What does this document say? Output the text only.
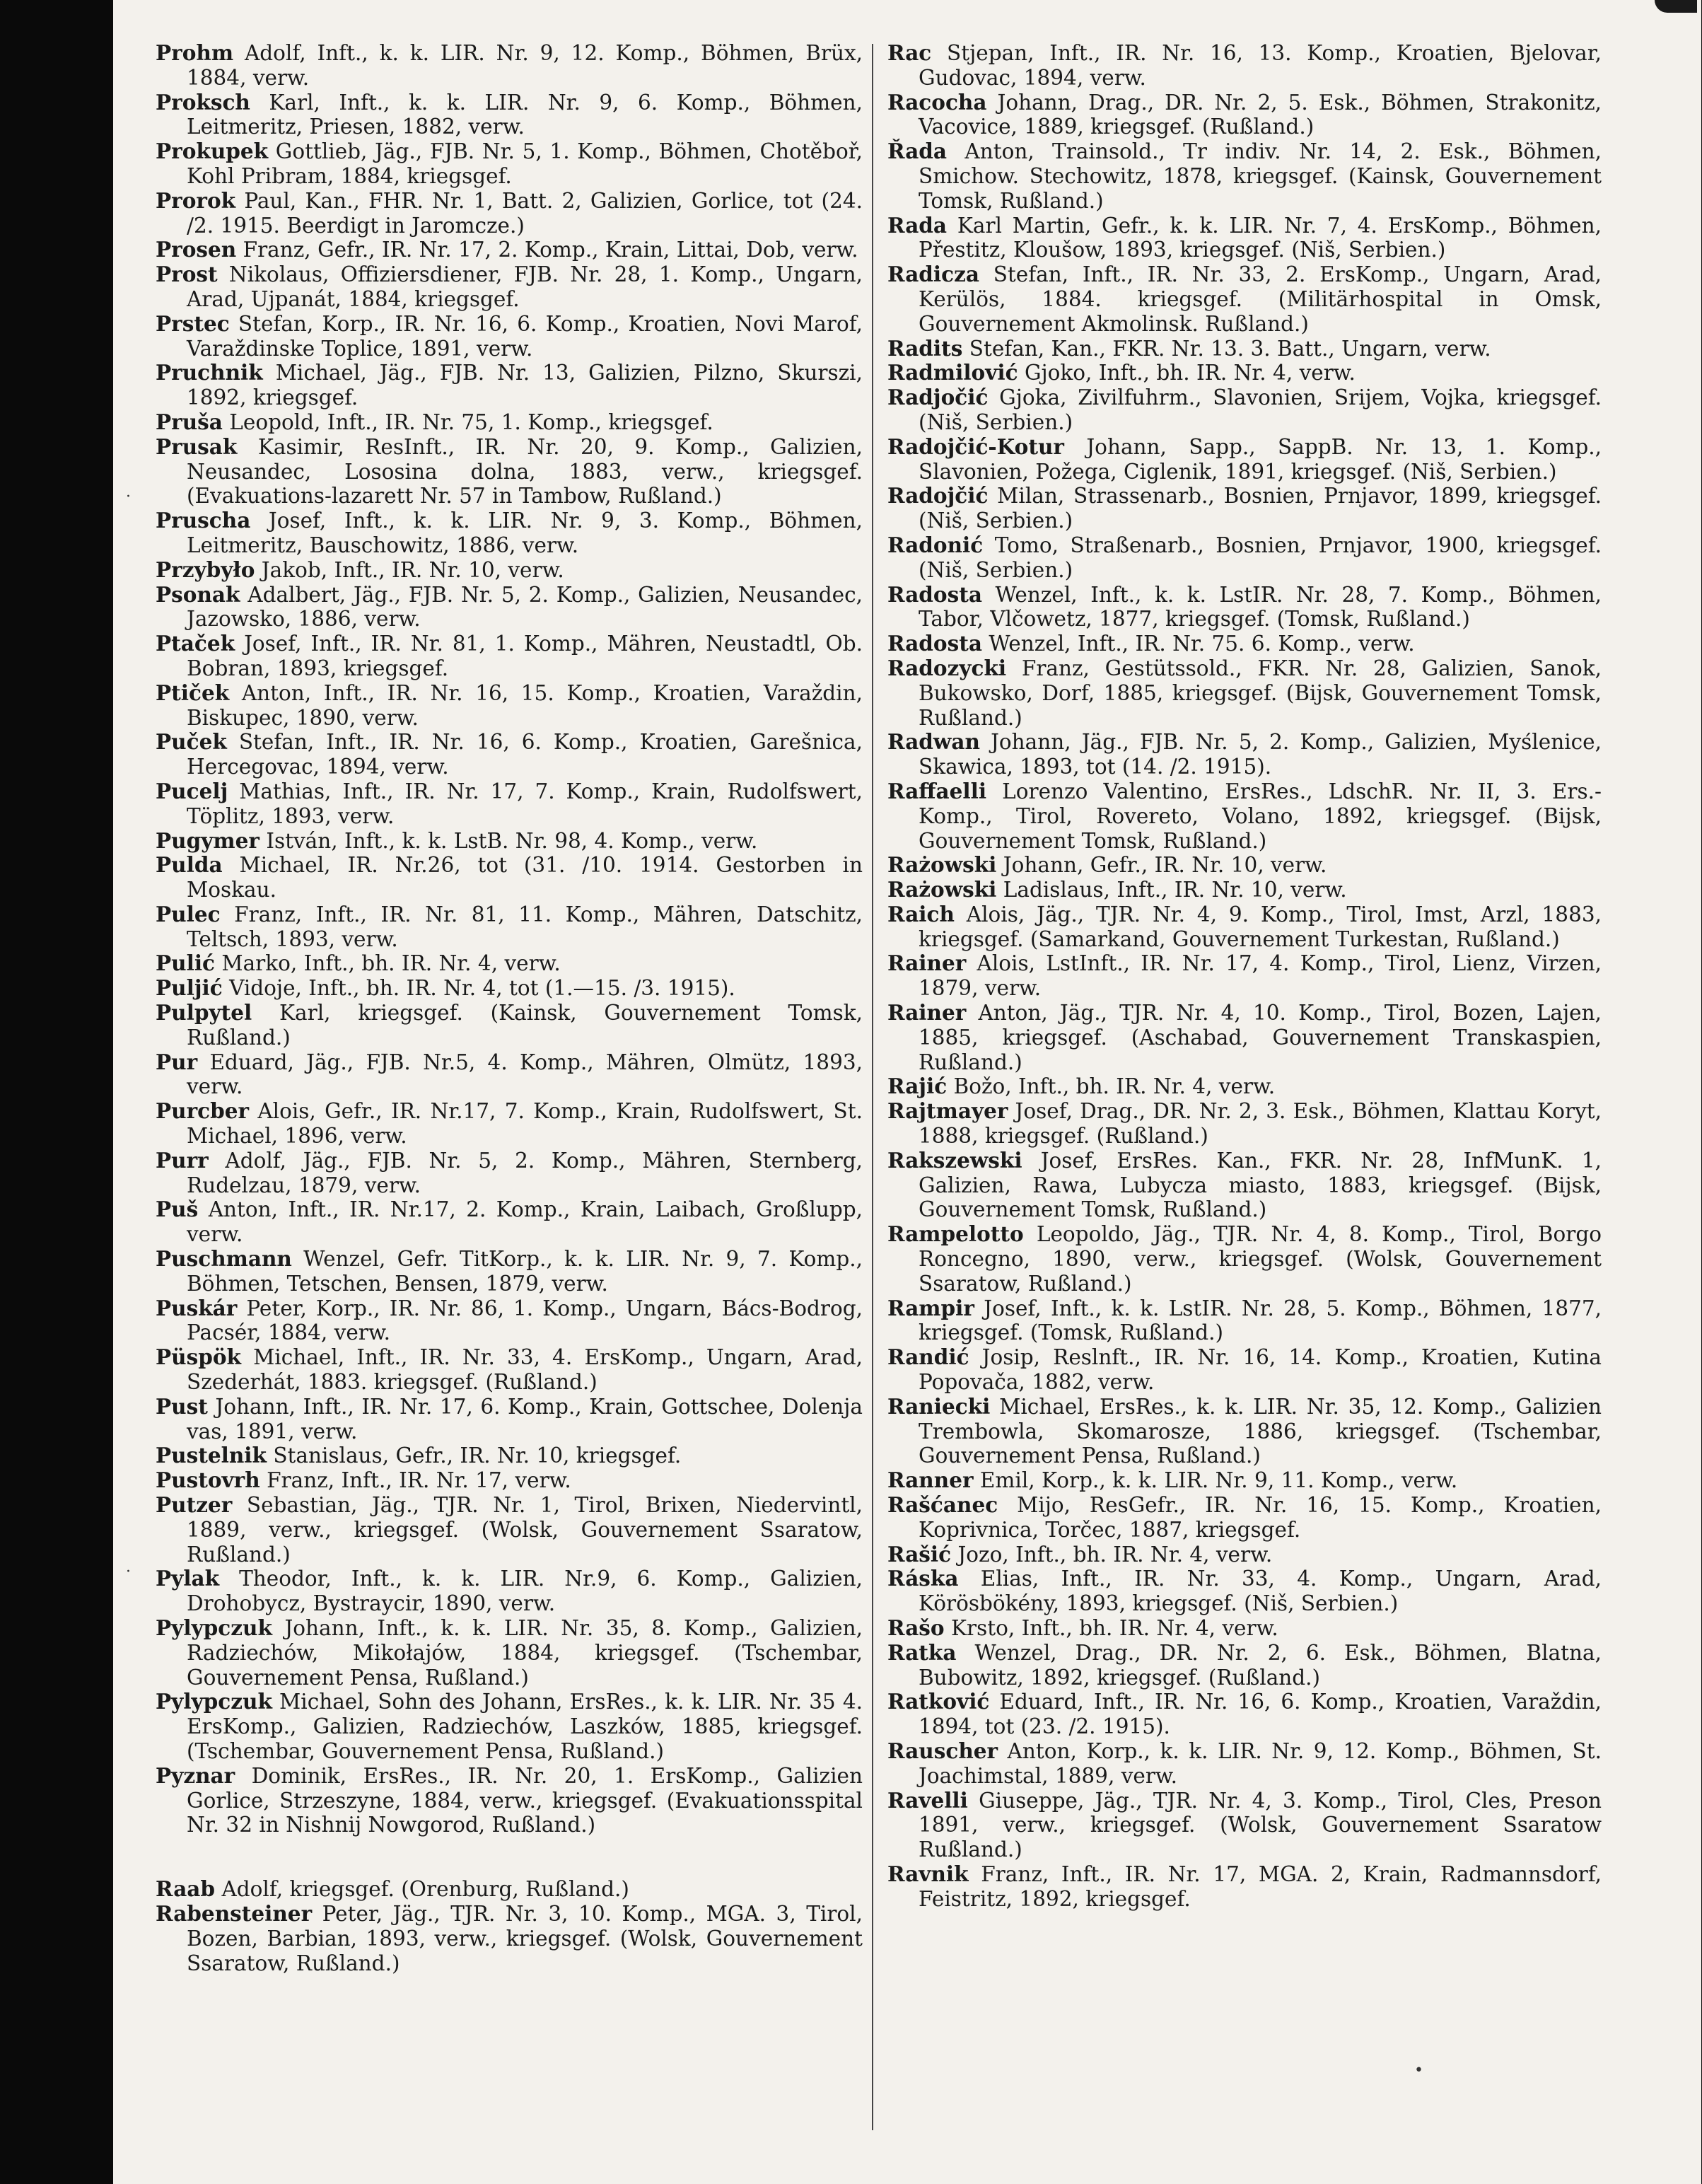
Prohm Adolf, Inft., k. k. LIR. Nr. 9, 12. Komp., Böhmen, Brüx, 1884, verw.
Proksch Karl, Inft., k. k. LIR. Nr. 9, 6. Komp., Böhmen, Leitmeritz, Priesen, 1882, verw.
Prokupek Gottlieb, Jäg., FJB. Nr. 5, 1. Komp., Böhmen, Chotěboř, Kohl Pribram, 1884, kriegsgef.
Prorok Paul, Kan., FHR. Nr. 1, Batt. 2, Galizien, Gorlice, tot (24. /2. 1915. Beerdigt in Jaromcze.)
Prosen Franz, Gefr., IR. Nr. 17, 2. Komp., Krain, Littai, Dob, verw.
Prost Nikolaus, Offiziersdiener, FJB. Nr. 28, 1. Komp., Ungarn, Arad, Ujpanát, 1884, kriegsgef.
Prstec Stefan, Korp., IR. Nr. 16, 6. Komp., Kroatien, Novi Marof, Varaždinske Toplice, 1891, verw.
Pruchnik Michael, Jäg., FJB. Nr. 13, Galizien, Pilzno, Skurszi, 1892, kriegsgef.
Pruša Leopold, Inft., IR. Nr. 75, 1. Komp., kriegsgef.
Prusak Kasimir, ResInft., IR. Nr. 20, 9. Komp., Galizien, Neusandec, Lososina dolna, 1883, verw., kriegsgef. (Evakuations-lazarett Nr. 57 in Tambow, Rußland.)
Pruscha Josef, Inft., k. k. LIR. Nr. 9, 3. Komp., Böhmen, Leitmeritz, Bauschowitz, 1886, verw.
Przybyło Jakob, Inft., IR. Nr. 10, verw.
Psonak Adalbert, Jäg., FJB. Nr. 5, 2. Komp., Galizien, Neusandec, Jazowsko, 1886, verw.
Ptaček Josef, Inft., IR. Nr. 81, 1. Komp., Mähren, Neustadtl, Ob. Bobran, 1893, kriegsgef.
Ptiček Anton, Inft., IR. Nr. 16, 15. Komp., Kroatien, Varaždin, Biskupec, 1890, verw.
Puček Stefan, Inft., IR. Nr. 16, 6. Komp., Kroatien, Garešnica, Hercegovac, 1894, verw.
Pucelj Mathias, Inft., IR. Nr. 17, 7. Komp., Krain, Rudolfswert, Töplitz, 1893, verw.
Pugymer István, Inft., k. k. LstB. Nr. 98, 4. Komp., verw.
Pulda Michael, IR. Nr.26, tot (31. /10. 1914. Gestorben in Moskau.
Pulec Franz, Inft., IR. Nr. 81, 11. Komp., Mähren, Datschitz, Teltsch, 1893, verw.
Pulić Marko, Inft., bh. IR. Nr. 4, verw.
Puljić Vidoje, Inft., bh. IR. Nr. 4, tot (1.—15. /3. 1915).
Pulpytel Karl, kriegsgef. (Kainsk, Gouvernement Tomsk, Rußland.)
Pur Eduard, Jäg., FJB. Nr.5, 4. Komp., Mähren, Olmütz, 1893, verw.
Purcber Alois, Gefr., IR. Nr.17, 7. Komp., Krain, Rudolfswert, St. Michael, 1896, verw.
Purr Adolf, Jäg., FJB. Nr. 5, 2. Komp., Mähren, Sternberg, Rudelzau, 1879, verw.
Puš Anton, Inft., IR. Nr.17, 2. Komp., Krain, Laibach, Großlupp, verw.
Puschmann Wenzel, Gefr. TitKorp., k. k. LIR. Nr. 9, 7. Komp., Böhmen, Tetschen, Bensen, 1879, verw.
Puskár Peter, Korp., IR. Nr. 86, 1. Komp., Ungarn, Bács-Bodrog, Pacsér, 1884, verw.
Püspök Michael, Inft., IR. Nr. 33, 4. ErsKomp., Ungarn, Arad, Szederhát, 1883. kriegsgef. (Rußland.)
Pust Johann, Inft., IR. Nr. 17, 6. Komp., Krain, Gottschee, Dolenja vas, 1891, verw.
Pustelnik Stanislaus, Gefr., IR. Nr. 10, kriegsgef.
Pustovrh Franz, Inft., IR. Nr. 17, verw.
Putzer Sebastian, Jäg., TJR. Nr. 1, Tirol, Brixen, Niedervintl, 1889, verw., kriegsgef. (Wolsk, Gouvernement Ssaratow, Rußland.)
Pylak Theodor, Inft., k. k. LIR. Nr.9, 6. Komp., Galizien, Drohobycz, Bystraycir, 1890, verw.
Pylypczuk Johann, Inft., k. k. LIR. Nr. 35, 8. Komp., Galizien, Radziechów, Mikołajów, 1884, kriegsgef. (Tschembar, Gouvernement Pensa, Rußland.)
Pylypczuk Michael, Sohn des Johann, ErsRes., k. k. LIR. Nr. 35 4. ErsKomp., Galizien, Radziechów, Laszków, 1885, kriegsgef. (Tschembar, Gouvernement Pensa, Rußland.)
Pyznar Dominik, ErsRes., IR. Nr. 20, 1. ErsKomp., Galizien Gorlice, Strzeszyne, 1884, verw., kriegsgef. (Evakuationsspital Nr. 32 in Nishnij Nowgorod, Rußland.)
Raab Adolf, kriegsgef. (Orenburg, Rußland.)
Rabensteiner Peter, Jäg., TJR. Nr. 3, 10. Komp., MGA. 3, Tirol, Bozen, Barbian, 1893, verw., kriegsgef. (Wolsk, Gouvernement Ssaratow, Rußland.)
Rac Stjepan, Inft., IR. Nr. 16, 13. Komp., Kroatien, Bjelovar, Gudovac, 1894, verw.
Racocha Johann, Drag., DR. Nr. 2, 5. Esk., Böhmen, Strakonitz, Vacovice, 1889, kriegsgef. (Rußland.)
Řada Anton, Trainsold., Tr indiv. Nr. 14, 2. Esk., Böhmen, Smichow. Stechowitz, 1878, kriegsgef. (Kainsk, Gouvernement Tomsk, Rußland.)
Rada Karl Martin, Gefr., k. k. LIR. Nr. 7, 4. ErsKomp., Böhmen, Přestitz, Kloušow, 1893, kriegsgef. (Niš, Serbien.)
Radicza Stefan, Inft., IR. Nr. 33, 2. ErsKomp., Ungarn, Arad, Kerülös, 1884. kriegsgef. (Militärhospital in Omsk, Gouvernement Akmolinsk. Rußland.)
Radits Stefan, Kan., FKR. Nr. 13. 3. Batt., Ungarn, verw.
Radmilović Gjoko, Inft., bh. IR. Nr. 4, verw.
Radjočić Gjoka, Zivilfuhrm., Slavonien, Srijem, Vojka, kriegsgef. (Niš, Serbien.)
Radojčić-Kotur Johann, Sapp., SappB. Nr. 13, 1. Komp., Slavonien, Požega, Ciglenik, 1891, kriegsgef. (Niš, Serbien.)
Radojčić Milan, Strassenarb., Bosnien, Prnjavor, 1899, kriegsgef. (Niš, Serbien.)
Radonić Tomo, Straßenarb., Bosnien, Prnjavor, 1900, kriegsgef. (Niš, Serbien.)
Radosta Wenzel, Inft., k. k. LstIR. Nr. 28, 7. Komp., Böhmen, Tabor, Vlčowetz, 1877, kriegsgef. (Tomsk, Rußland.)
Radosta Wenzel, Inft., IR. Nr. 75. 6. Komp., verw.
Radozycki Franz, Gestütssold., FKR. Nr. 28, Galizien, Sanok, Bukowsko, Dorf, 1885, kriegsgef. (Bijsk, Gouvernement Tomsk, Rußland.)
Radwan Johann, Jäg., FJB. Nr. 5, 2. Komp., Galizien, Myślenice, Skawica, 1893, tot (14. /2. 1915).
Raffaelli Lorenzo Valentino, ErsRes., LdschR. Nr. II, 3. Ers.-Komp., Tirol, Rovereto, Volano, 1892, kriegsgef. (Bijsk, Gouvernement Tomsk, Rußland.)
Rażowski Johann, Gefr., IR. Nr. 10, verw.
Rażowski Ladislaus, Inft., IR. Nr. 10, verw.
Raich Alois, Jäg., TJR. Nr. 4, 9. Komp., Tirol, Imst, Arzl, 1883, kriegsgef. (Samarkand, Gouvernement Turkestan, Rußland.)
Rainer Alois, LstInft., IR. Nr. 17, 4. Komp., Tirol, Lienz, Virzen, 1879, verw.
Rainer Anton, Jäg., TJR. Nr. 4, 10. Komp., Tirol, Bozen, Lajen, 1885, kriegsgef. (Aschabad, Gouvernement Transkaspien, Rußland.)
Rajić Božo, Inft., bh. IR. Nr. 4, verw.
Rajtmayer Josef, Drag., DR. Nr. 2, 3. Esk., Böhmen, Klattau Koryt, 1888, kriegsgef. (Rußland.)
Rakszewski Josef, ErsRes. Kan., FKR. Nr. 28, InfMunK. 1, Galizien, Rawa, Lubycza miasto, 1883, kriegsgef. (Bijsk, Gouvernement Tomsk, Rußland.)
Rampelotto Leopoldo, Jäg., TJR. Nr. 4, 8. Komp., Tirol, Borgo Roncegno, 1890, verw., kriegsgef. (Wolsk, Gouvernement Ssaratow, Rußland.)
Rampir Josef, Inft., k. k. LstIR. Nr. 28, 5. Komp., Böhmen, 1877, kriegsgef. (Tomsk, Rußland.)
Randić Josip, Reslnft., IR. Nr. 16, 14. Komp., Kroatien, Kutina Popovača, 1882, verw.
Raniecki Michael, ErsRes., k. k. LIR. Nr. 35, 12. Komp., Galizien Trembowla, Skomarosze, 1886, kriegsgef. (Tschembar, Gouvernement Pensa, Rußland.)
Ranner Emil, Korp., k. k. LIR. Nr. 9, 11. Komp., verw.
Rašćanec Mijo, ResGefr., IR. Nr. 16, 15. Komp., Kroatien, Koprivnica, Torčec, 1887, kriegsgef.
Rašić Jozo, Inft., bh. IR. Nr. 4, verw.
Ráska Elias, Inft., IR. Nr. 33, 4. Komp., Ungarn, Arad, Körösbökény, 1893, kriegsgef. (Niš, Serbien.)
Rašo Krsto, Inft., bh. IR. Nr. 4, verw.
Ratka Wenzel, Drag., DR. Nr. 2, 6. Esk., Böhmen, Blatna, Bubowitz, 1892, kriegsgef. (Rußland.)
Ratković Eduard, Inft., IR. Nr. 16, 6. Komp., Kroatien, Varaždin, 1894, tot (23. /2. 1915).
Rauscher Anton, Korp., k. k. LIR. Nr. 9, 12. Komp., Böhmen, St. Joachimstal, 1889, verw.
Ravelli Giuseppe, Jäg., TJR. Nr. 4, 3. Komp., Tirol, Cles, Preson 1891, verw., kriegsgef. (Wolsk, Gouvernement Ssaratow Rußland.)
Ravnik Franz, Inft., IR. Nr. 17, MGA. 2, Krain, Radmannsdorf, Feistritz, 1892, kriegsgef.
·
·
•
